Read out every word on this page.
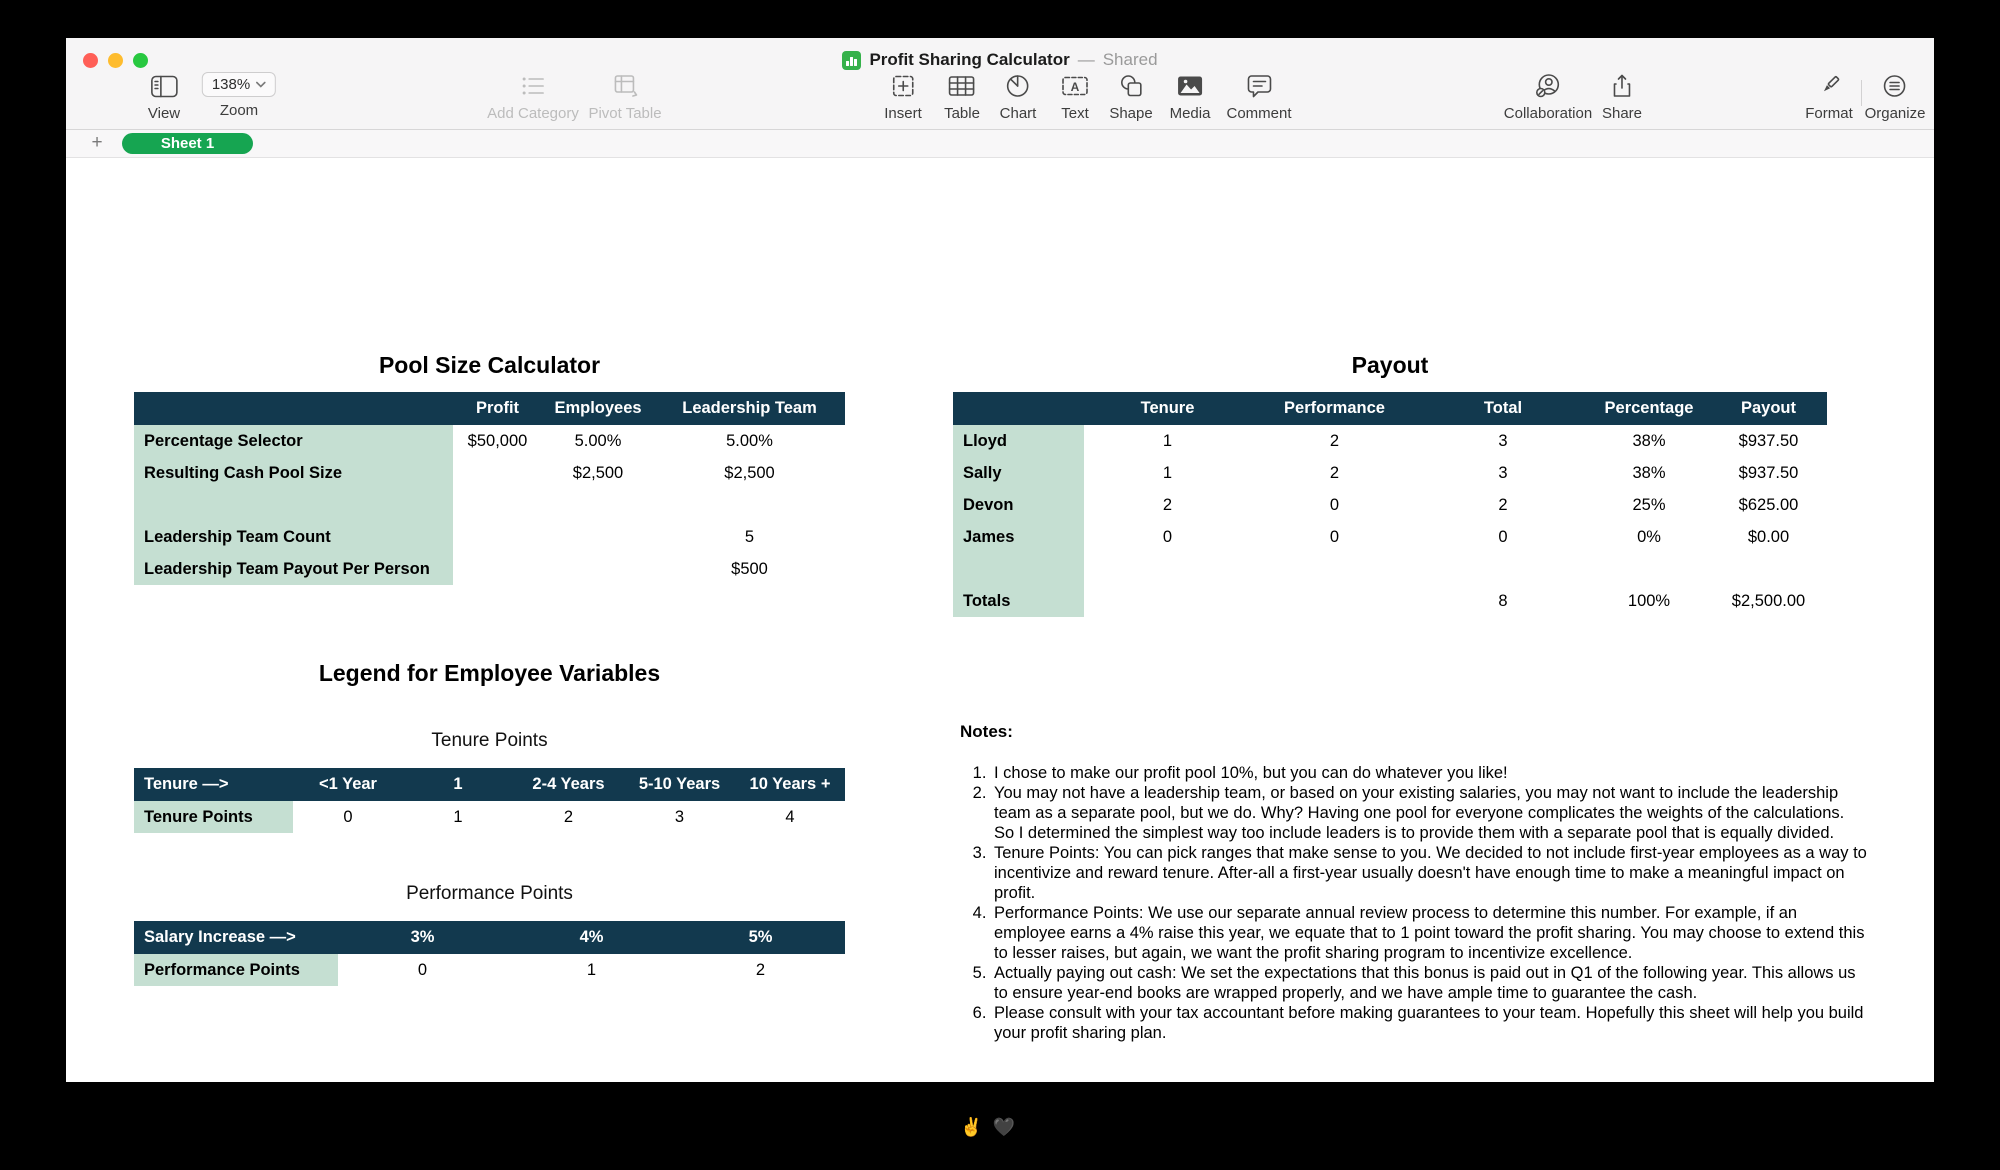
Profit Sharing Calculator — Shared
View
138%
Zoom	Add Category Pivot Table	Insert Table Chart
A
Text Shape Media Comment	Collaboration Share	Format Organize
+	Sheet 1
Pool Size Calculator
	Profit	Employees	Leadership Team
Percentage Selector	$50,000	5.00%	5.00%
Resulting Cash Pool Size		$2,500	$2,500

Leadership Team Count			5
Leadership Team Payout Per Person			$500
Payout
	Tenure	Performance	Total	Percentage	Payout
Lloyd	1	2	3	38%	$937.50
Sally	1	2	3	38%	$937.50
Devon	2	0	2	25%	$625.00
James	0	0	0	0%	$0.00

Totals			8	100%	$2,500.00
Legend for Employee Variables
Tenure Points
Tenure —>	<1 Year	1	2-4 Years	5-10 Years	10 Years +
Tenure Points	0	1	2	3	4
Performance Points
Salary Increase —>	3%	4%	5%
Performance Points	0	1	2

Notes:

1. I chose to make our profit pool 10%, but you can do whatever you like!
2. You may not have a leadership team, or based on your existing salaries, you may not want to include the leadership team as a separate pool, but we do. Why? Having one pool for everyone complicates the weights of the calculations. So I determined the simplest way too include leaders is to provide them with a separate pool that is equally divided.
3. Tenure Points: You can pick ranges that make sense to you. We decided to not include first-year employees as a way to incentivize and reward tenure. After-all a first-year usually doesn't have enough time to make a meaningful impact on profit.
4. Performance Points: We use our separate annual review process to determine this number. For example, if an employee earns a 4% raise this year, we equate that to 1 point toward the profit sharing. You may choose to extend this to lesser raises, but again, we want the profit sharing program to incentivize excellence.
5. Actually paying out cash: We set the expectations that this bonus is paid out in Q1 of the following year. This allows us to ensure year-end books are wrapped properly, and we have ample time to guarantee the cash.
6. Please consult with your tax accountant before making guarantees to your team. Hopefully this sheet will help you build your profit sharing plan.
Feel free to ping me with any questions, comments, or improvements!
✌️+🖤
me@lucasacosta.com
